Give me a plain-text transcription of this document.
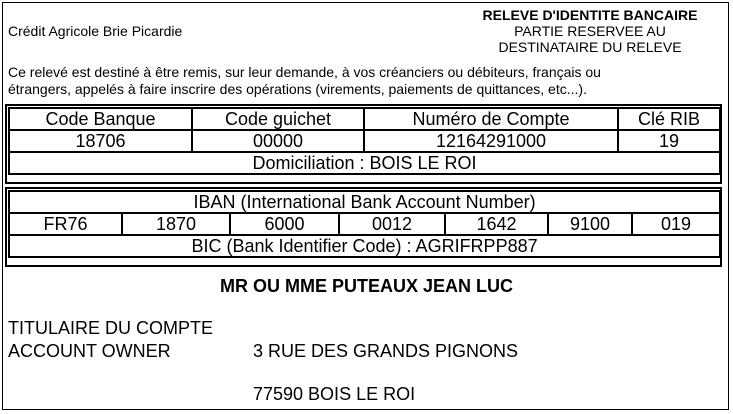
Crédit Agricole Brie Picardie
RELEVE D'IDENTITE BANCAIRE
PARTIE RESERVEE AU
DESTINATAIRE DU RELEVE
Ce relevé est destiné à être remis, sur leur demande, à vos créanciers ou débiteurs, français ou
étrangers, appelés à faire inscrire des opérations (virements, paiements de quittances, etc...).
Code Banque	Code guichet	Numéro de Compte	Clé RIB
18706	00000	12164291000	19
Domiciliation : BOIS LE ROI			
IBAN (International Bank Account Number)
FR76	1870	6000	0012	1642	9100	019
BIC (Bank Identifier Code) : AGRIFRPP887
MR OU MME PUTEAUX JEAN LUC
TITULAIRE DU COMPTE
ACCOUNT OWNER	3 RUE DES GRANDS PIGNONS
77590 BOIS LE ROI
